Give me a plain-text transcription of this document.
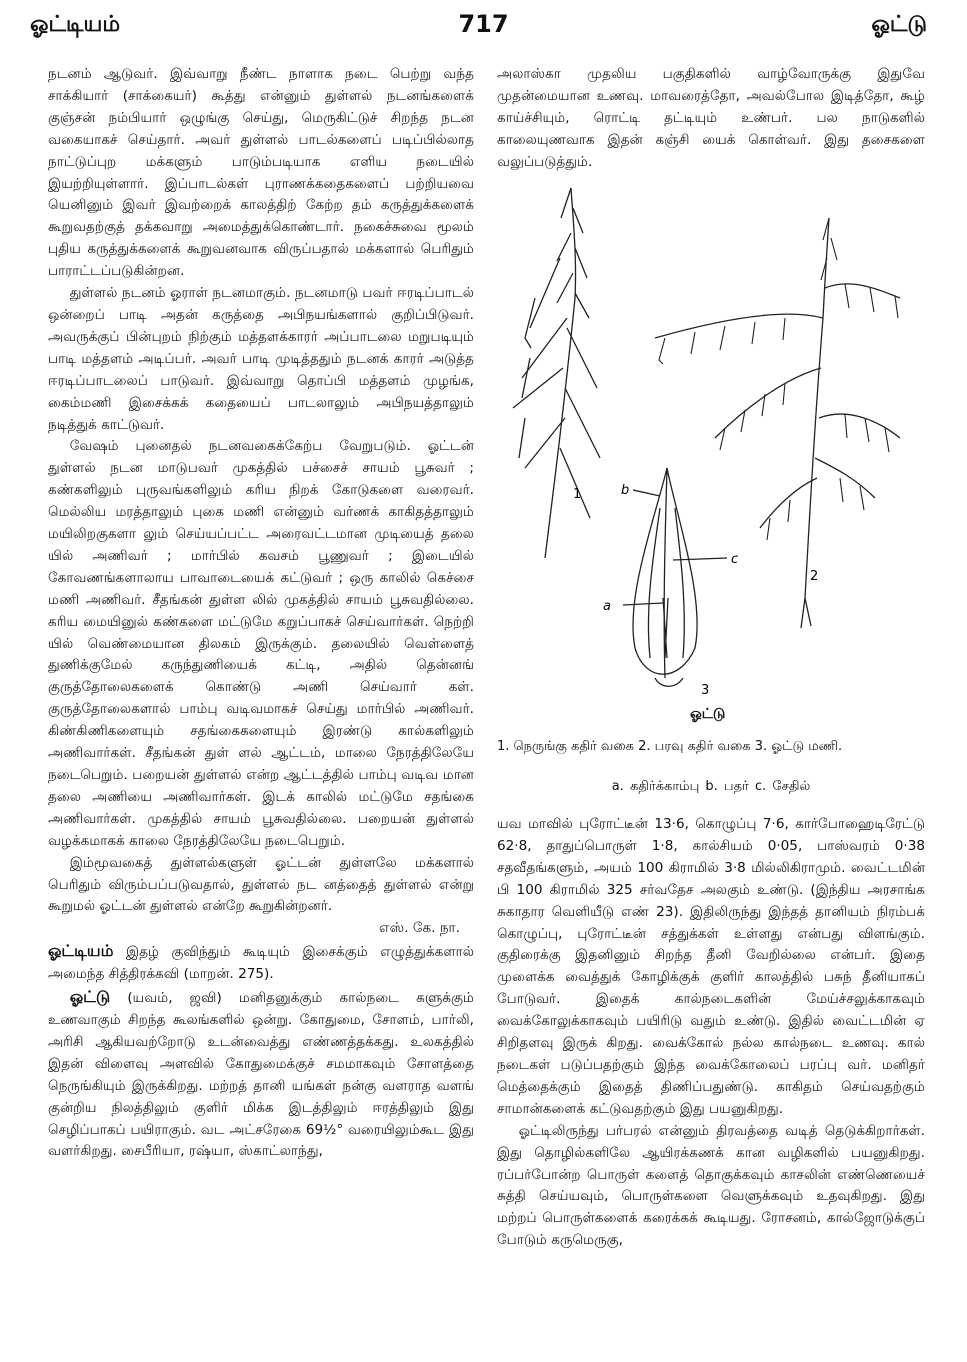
ஓட்டியம்	717	ஓட்டு

நடனம் ஆடுவர். இவ்வாறு நீண்ட நாளாக நடை பெற்று வந்த சாக்கியார் (சாக்கையர்) கூத்து என்னும் துள்ளல் நடனங்களைக் குஞ்சன் நம்பியார் ஒழுங்கு செய்து, மெருகிட்டுச் சிறந்த நடன வகையாகச் செய்தார். அவர் துள்ளல் பாடல்களைப் படிப்பில்லாத நாட்டுப்புற மக்களும் பாடும்படியாக எளிய நடையில் இயற்றியுள்ளார். இப்பாடல்கள் புராணக்கதைகளைப் பற்றியவை யெனினும் இவர் இவற்றைக் காலத்திற் கேற்ற தம் கருத்துக்களைக் கூறுவதற்குத் தக்கவாறு அமைத்துக்கொண்டார். நகைச்சுவை மூலம் புதிய கருத்துக்களைக் கூறுவனவாக விருப்பதால் மக்களால் பெரிதும் பாராட்டப்படுகின்றன.

துள்ளல் நடனம் ஓராள் நடனமாகும். நடனமாடு பவர் ஈரடிப்பாடல் ஒன்றைப் பாடி அதன் கருத்தை அபிநயங்களால் குறிப்பிடுவர். அவருக்குப் பின்புறம் நிற்கும் மத்தளக்காரர் அப்பாடலை மறுபடியும் பாடி மத்தளம் அடிப்பர். அவர் பாடி முடித்ததும் நடனக் காரர் அடுத்த ஈரடிப்பாடலைப் பாடுவர். இவ்வாறு தொப்பி மத்தளம் முழங்க, கைம்மணி இசைக்கக் கதையைப் பாடலாலும் அபிநயத்தாலும் நடித்துக் காட்டுவர்.

வேஷம் புனைதல் நடனவகைக்கேற்ப வேறுபடும். ஓட்டன் துள்ளல் நடன மாடுபவர் முகத்தில் பச்சைச் சாயம் பூசுவர் ; கண்களிலும் புருவங்களிலும் கரிய நிறக் கோடுகளை வரைவர். மெல்லிய மரத்தாலும் புகை மணி என்னும் வர்ணக் காகிதத்தாலும் மயிலிறகுகளா லும் செய்யப்பட்ட அரைவட்டமான முடியைத் தலை யில் அணிவர் ; மார்பில் கவசம் பூணுவர் ; இடையில் கோவணங்களாலாய பாவாடையைக் கட்டுவர் ; ஒரு காலில் கெச்சை மணி அணிவர். சீதங்கன் துள்ள லில் முகத்தில் சாயம் பூசுவதில்லை. கரிய மையினுல் கண்களை மட்டுமே கறுப்பாகச் செய்வார்கள். நெற்றி யில் வெண்மையான திலகம் இருக்கும். தலையில் வெள்ளைத் துணிக்குமேல் கருந்துணியைக் கட்டி, அதில் தென்னங் குருத்தோலைகளைக் கொண்டு அணி செய்வார் கள். குருத்தோலைகளால் பாம்பு வடிவமாகச் செய்து மார்பில் அணிவர். கிண்கிணிகளையும் சதங்கைகளையும் இரண்டு கால்களிலும் அணிவார்கள். சீதங்கன் துள் ளல் ஆட்டம், மாலை நேரத்திலேயே நடைபெறும். பறையன் துள்ளல் என்ற ஆட்டத்தில் பாம்பு வடிவ மான தலை அணியை அணிவார்கள். இடக் காலில் மட்டுமே சதங்கை அணிவார்கள். முகத்தில் சாயம் பூசுவதில்லை. பறையன் துள்ளல் வழக்கமாகக் காலை நேரத்திலேயே நடைபெறும்.

இம்மூவகைத் துள்ளல்களுள் ஓட்டன் துள்ளலே மக்களால் பெரிதும் விரும்பப்படுவதால், துள்ளல் நட னத்தைத் துள்ளல் என்று கூறுமல் ஓட்டன் துள்ளல் என்றே கூறுகின்றனர்.

எஸ். கே. நா.

ஓட்டியம் இதழ் குவிந்தும் கூடியும் இசைக்கும் எழுத்துக்களால் அமைந்த சித்திரக்கவி (மாறன். 275).

ஓட்டு (யவம், ஜவி) மனிதனுக்கும் கால்நடை களுக்கும் உணவாகும் சிறந்த கூலங்களில் ஒன்று. கோதுமை, சோளம், பார்லி, அரிசி ஆகியவற்றோடு உடன்வைத்து எண்ணத்தக்கது. உலகத்தில் இதன் விளைவு அளவில் கோதுமைக்குச் சமமாகவும் சோளத்தை நெருங்கியும் இருக்கிறது. மற்றத் தானி யங்கள் நன்கு வளராத வளங் குன்றிய நிலத்திலும் குளிர் மிக்க இடத்திலும் ஈரத்திலும் இது செழிப்பாகப் பயிராகும். வட அட்சரேகை 69½° வரையிலும்கூட இது வளர்கிறது. சைபீரியா, ரஷ்யா, ஸ்காட்லாந்து,

அலாஸ்கா முதலிய பகுதிகளில் வாழ்வோருக்கு இதுவே முதன்மையான உணவு. மாவரைத்தோ, அவல்போல இடித்தோ, கூழ் காய்ச்சியும், ரொட்டி தட்டியும் உண்பர். பல நாடுகளில் காலையுணவாக இதன் கஞ்சி யைக் கொள்வர். இது தசைகளை வலுப்படுத்தும்.

1
2
3
a
b
c
ஓட்டு
1. நெருங்கு கதிர் வகை 2. பரவு கதிர் வகை 3. ஓட்டு மணி.
a. கதிர்க்காம்பு b. பதர் c. சேதில்

யவ மாவில் புரோட்டீன் 13·6, கொழுப்பு 7·6, கார்போஹைடிரேட்டு 62·8, தாதுப்பொருள் 1·8, கால்சியம் 0·05, பாஸ்வரம் 0·38 சதவீதங்களும், அயம் 100 கிராமில் 3·8 மில்லிகிராமும். வைட்டமின் பி 100 கிராமில் 325 சர்வதேச அலகும் உண்டு. (இந்திய அரசாங்க சுகாதார வெளியீடு எண் 23). இதிலிருந்து இந்தத் தானியம் நிரம்பக் கொழுப்பு, புரோட்டீன் சத்துக்கள் உள்ளது என்பது விளங்கும். குதிரைக்கு இதனினும் சிறந்த தீனி வேறில்லை என்பர். இதை முளைக்க வைத்துக் கோழிக்குக் குளிர் காலத்தில் பசுந் தீனியாகப் போடுவர். இதைக் கால்நடைகளின் மேய்ச்சலுக்காகவும் வைக்கோலுக்காகவும் பயிரிடு வதும் உண்டு. இதில் வைட்டமின் ஏ சிறிதளவு இருக் கிறது. வைக்கோல் நல்ல கால்நடை உணவு. கால் நடைகள் படுப்பதற்கும் இந்த வைக்கோலைப் பரப்பு வர். மனிதர் மெத்தைக்கும் இதைத் திணிப்பதுண்டு. காகிதம் செய்வதற்கும் சாமான்களைக் கட்டுவதற்கும் இது பயனுகிறது.

ஓட்டிலிருந்து பர்பரல் என்னும் திரவத்தை வடித் தெடுக்கிறார்கள். இது தொழில்களிலே ஆயிரக்கணக் கான வழிகளில் பயனுகிறது. ரப்பர்போன்ற பொருள் களைத் தொகுக்கவும் காசலின் எண்ணெயைச் சுத்தி செய்யவும், பொருள்களை வெளுக்கவும் உதவுகிறது. இது மற்றப் பொருள்களைக் கரைக்கக் கூடியது. ரோசனம், கால்ஜோடுக்குப் போடும் கருமெருகு,
